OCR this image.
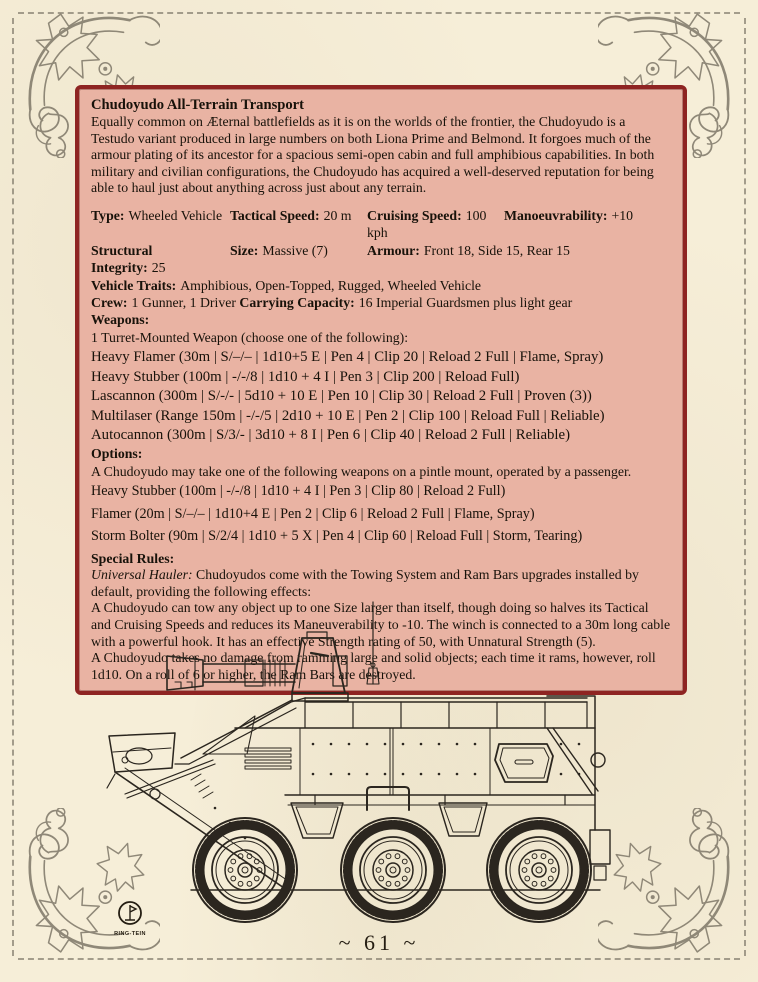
Chudoyudo All-Terrain Transport
Equally common on Æternal battlefields as it is on the worlds of the frontier, the Chudoyudo is a Testudo variant produced in large numbers on both Liona Prime and Belmond. It forgoes much of the armour plating of its ancestor for a spacious semi-open cabin and full amphibious capabilities. In both military and civilian configurations, the Chudoyudo has acquired a well-deserved reputation for being able to haul just about anything across just about any terrain.
Type: Wheeled Vehicle Tactical Speed: 20 m	Cruising Speed: 100 kph
Manoeuvrability: +10
Structural Integrity: 25
Size: Massive (7)	Armour: Front 18, Side 15, Rear 15
Vehicle Traits: Amphibious, Open-Topped, Rugged, Wheeled Vehicle
Crew: 1 Gunner, 1 Driver Carrying Capacity: 16 Imperial Guardsmen plus light gear
Weapons:
1 Turret-Mounted Weapon (choose one of the following):
Heavy Flamer (30m | S/–/– | 1d10+5 E | Pen 4 | Clip 20 | Reload 2 Full | Flame, Spray)
Heavy Stubber (100m | -/-/8 | 1d10 + 4 I | Pen 3 | Clip 200 | Reload Full)
Lascannon (300m | S/-/- | 5d10 + 10 E | Pen 10 | Clip 30 | Reload 2 Full | Proven (3))
Multilaser (Range 150m | -/-/5 | 2d10 + 10 E | Pen 2 | Clip 100 | Reload Full | Reliable)
Autocannon (300m | S/3/- | 3d10 + 8 I | Pen 6 | Clip 40 | Reload 2 Full | Reliable)
Options:
A Chudoyudo may take one of the following weapons on a pintle mount, operated by a passenger.
Heavy Stubber (100m | -/-/8 | 1d10 + 4 I | Pen 3 | Clip 80 | Reload 2 Full)
Flamer (20m | S/–/– | 1d10+4 E | Pen 2 | Clip 6 | Reload 2 Full | Flame, Spray)
Storm Bolter (90m | S/2/4 | 1d10 + 5 X | Pen 4 | Clip 60 | Reload Full | Storm, Tearing)
Special Rules:

Universal Hauler: Chudoyudos come with the Towing System and Ram Bars upgrades installed by default, providing the following effects:

A Chudoyudo can tow any object up to one Size larger than itself, though doing so halves its Tactical and Cruising Speeds and reduces its Maneuverability to -10. The winch is connected to a 30m long cable with a powerful hook. It has an effective Strength rating of 50, with Unnatural Strength (5).

A Chudoyudo takes no damage from ramming large and solid objects; each time it rams, however, roll 1d10. On a roll of 6 or higher, the Ram Bars are destroyed.

RING-TEIN	~ 61 ~
